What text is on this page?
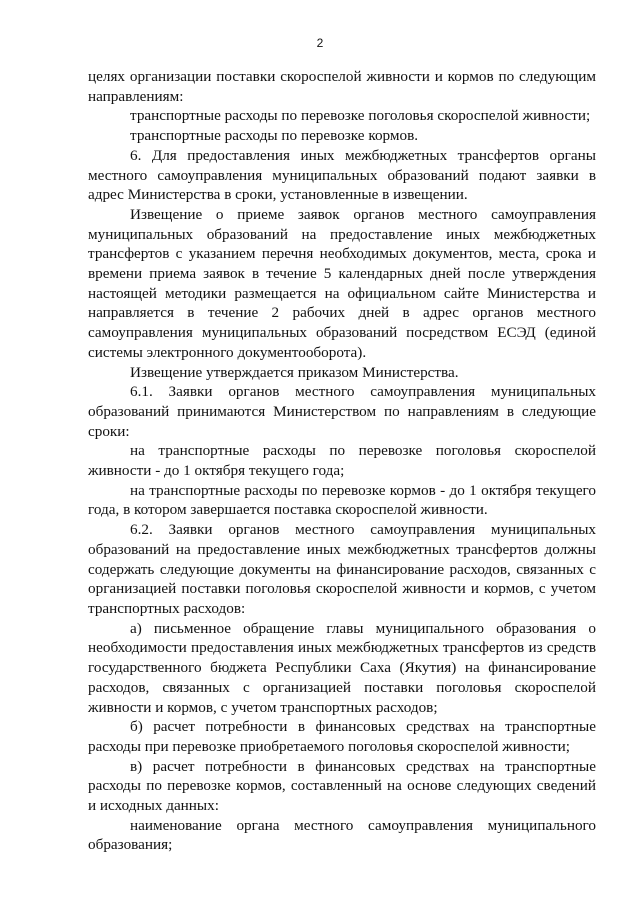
2

целях организации поставки скороспелой живности и кормов по следующим направлениям:

транспортные расходы по перевозке поголовья скороспелой живности;

транспортные расходы по перевозке кормов.

6. Для предоставления иных межбюджетных трансфертов органы местного самоуправления муниципальных образований подают заявки в адрес Министерства в сроки, установленные в извещении.

Извещение о приеме заявок органов местного самоуправления муниципальных образований на предоставление иных межбюджетных трансфертов с указанием перечня необходимых документов, места, срока и времени приема заявок в течение 5 календарных дней после утверждения настоящей методики размещается на официальном сайте Министерства и направляется в течение 2 рабочих дней в адрес органов местного самоуправления муниципальных образований посредством ЕСЭД (единой системы электронного документооборота).

Извещение утверждается приказом Министерства.

6.1. Заявки органов местного самоуправления муниципальных образований принимаются Министерством по направлениям в следующие сроки:

на транспортные расходы по перевозке поголовья скороспелой живности - до 1 октября текущего года;

на транспортные расходы по перевозке кормов - до 1 октября текущего года, в котором завершается поставка скороспелой живности.

6.2. Заявки органов местного самоуправления муниципальных образований на предоставление иных межбюджетных трансфертов должны содержать следующие документы на финансирование расходов, связанных с организацией поставки поголовья скороспелой живности и кормов, с учетом транспортных расходов:

а) письменное обращение главы муниципального образования о необходимости предоставления иных межбюджетных трансфертов из средств государственного бюджета Республики Саха (Якутия) на финансирование расходов, связанных с организацией поставки поголовья скороспелой живности и кормов, с учетом транспортных расходов;

б) расчет потребности в финансовых средствах на транспортные расходы при перевозке приобретаемого поголовья скороспелой живности;

в) расчет потребности в финансовых средствах на транспортные расходы по перевозке кормов, составленный на основе следующих сведений и исходных данных:

наименование органа местного самоуправления муниципального образования;
